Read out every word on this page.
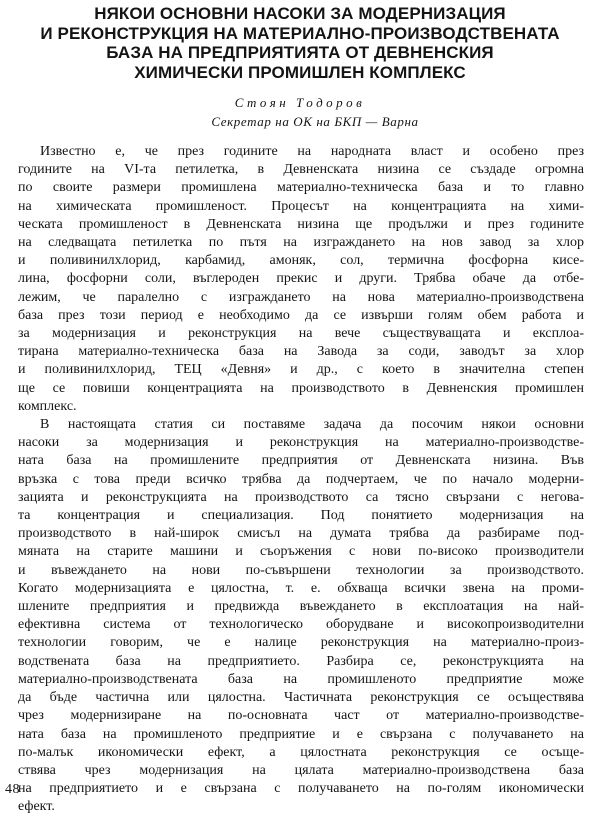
НЯКОИ ОСНОВНИ НАСОКИ ЗА МОДЕРНИЗАЦИЯ
И РЕКОНСТРУКЦИЯ НА МАТЕРИАЛНО-ПРОИЗВОДСТВЕНАТА
БАЗА НА ПРЕДПРИЯТИЯТА ОТ ДЕВНЕНСКИЯ
ХИМИЧЕСКИ ПРОМИШЛЕН КОМПЛЕКС
Стоян Тодоров
Секретар на ОК на БКП — Варна

Известно е, че през годините на народната власт и особено през
годините на VI-та петилетка, в Девненската низина се създаде огромна
по своите размери промишлена материално-техническа база и то главно
на химическата промишленост. Процесът на концентрацията на хими-
ческата промишленост в Девненската низина ще продължи и през годините
на следващата петилетка по пътя на изграждането на нов завод за хлор
и поливинилхлорид, карбамид, амоняк, сол, термична фосфорна кисе-
лина, фосфорни соли, въглероден прекис и други. Трябва обаче да отбе-
лежим, че паралелно с изграждането на нова материално-производствена
база през този период е необходимо да се извърши голям обем работа и
за модернизация и реконструкция на вече съществуващата и експлоа-
тирана материално-техническа база на Завода за соди, заводът за хлор
и поливинилхлорид, ТЕЦ «Девня» и др., с което в значителна степен
ще се повиши концентрацията на производството в Девненския промишлен
комплекс.

В настоящата статия си поставяме задача да посочим някои основни
насоки за модернизация и реконструкция на материално-производстве-
ната база на промишлените предприятия от Девненската низина. Във
връзка с това преди всичко трябва да подчертаем, че по начало модерни-
зацията и реконструкцията на производството са тясно свързани с негова-
та концентрация и специализация. Под понятието модернизация на
производството в най-широк смисъл на думата трябва да разбираме под-
мяната на старите машини и съоръжения с нови по-високо производители
и въвеждането на нови по-съвършени технологии за производството.
Когато модернизацията е цялостна, т. е. обхваща всички звена на проми-
шлените предприятия и предвижда въвеждането в експлоатация на най-
ефективна система от технологическо оборудване и високопроизводителни
технологии говорим, че е налице реконструкция на материално-произ-
водствената база на предприятието. Разбира се, реконструкцията на
материално-производствената база на промишленото предприятие може
да бъде частична или цялостна. Частичната реконструкция се осъществява
чрез модернизиране на по-основната част от материално-производстве-
ната база на промишленото предприятие и е свързана с получаването на
по-малък икономически ефект, а цялостната реконструкция се осъще-
ствява чрез модернизация на цялата материално-производствена база
на предприятието и е свързана с получаването на по-голям икономически
ефект.

48
